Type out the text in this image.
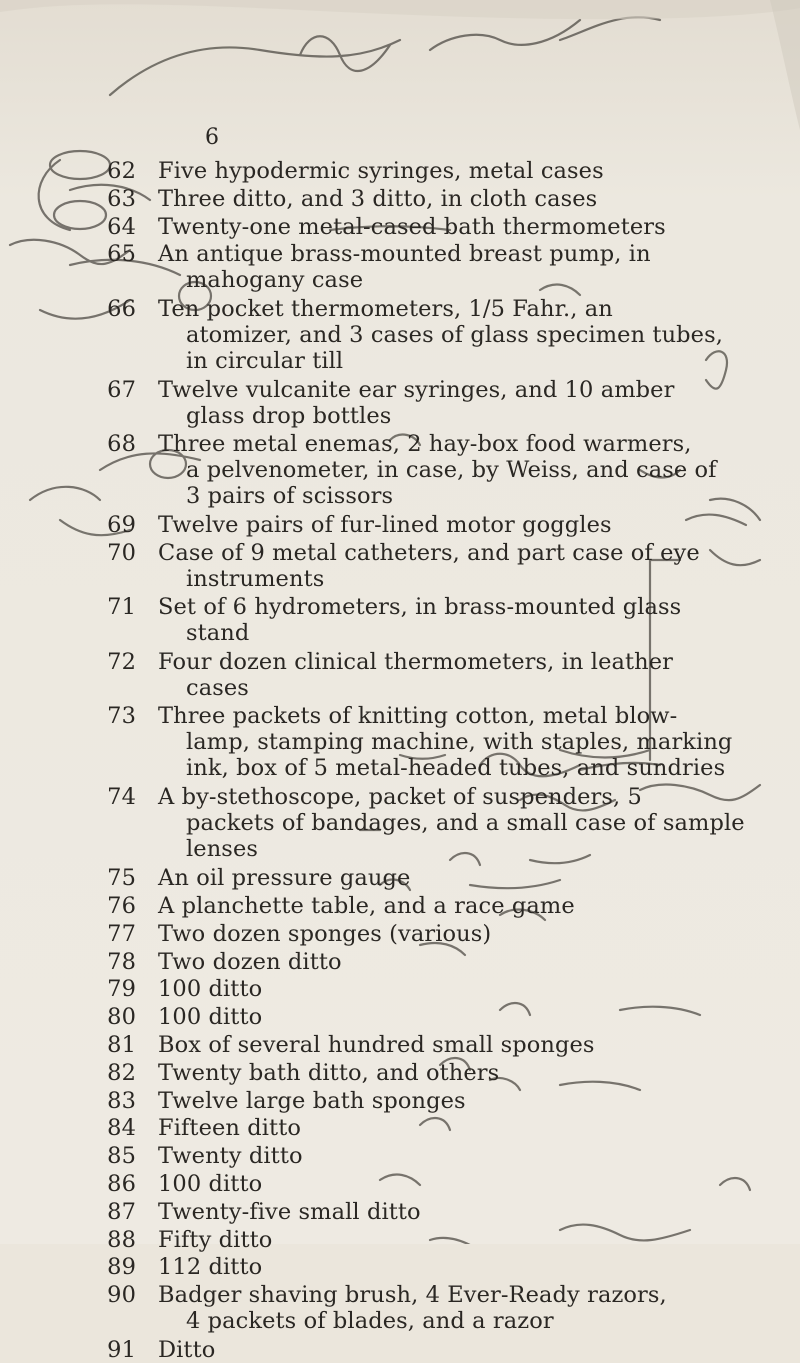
6
62 Five hypodermic syringes, metal cases
63 Three ditto, and 3 ditto, in cloth cases
64 Twenty-one metal-cased bath thermometers
65 An antique brass-mounted breast pump, in
mahogany case
66 Ten pocket thermometers, 1/5 Fahr., an
atomizer, and 3 cases of glass specimen tubes,
in circular till
67 Twelve vulcanite ear syringes, and 10 amber
glass drop bottles
68 Three metal enemas, 2 hay-box food warmers,
a pelvenometer, in case, by Weiss, and case of
3 pairs of scissors
69 Twelve pairs of fur-lined motor goggles
70 Case of 9 metal catheters, and part case of eye
instruments
71 Set of 6 hydrometers, in brass-mounted glass
stand
72 Four dozen clinical thermometers, in leather
cases
73 Three packets of knitting cotton, metal blow-
lamp, stamping machine, with staples, marking
ink, box of 5 metal-headed tubes, and sundries
74 A by-stethoscope, packet of suspenders, 5
packets of bandages, and a small case of sample
lenses
75 An oil pressure gauge
76 A planchette table, and a race game
77 Two dozen sponges (various)
78 Two dozen ditto
79 100 ditto
80 100 ditto
81 Box of several hundred small sponges
82 Twenty bath ditto, and others
83 Twelve large bath sponges
84 Fifteen ditto
85 Twenty ditto
86 100 ditto
87 Twenty-five small ditto
88 Fifty ditto
89 112 ditto
90 Badger shaving brush, 4 Ever-Ready razors,
4 packets of blades, and a razor
91 Ditto
